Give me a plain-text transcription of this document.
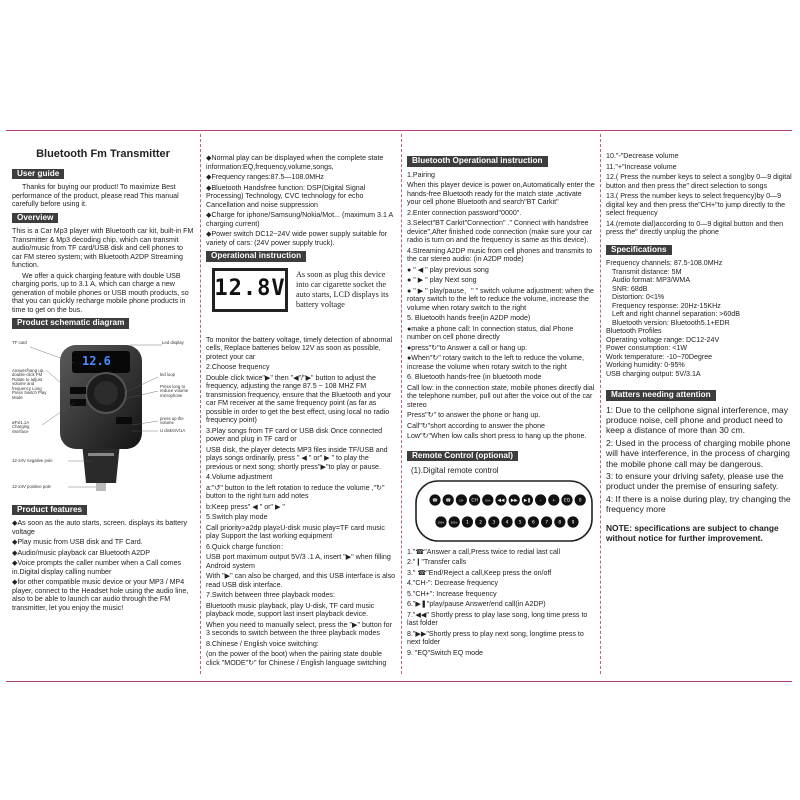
Bluetooth Fm Transmitter
User guide

Thanks for buying our product! To maximize Best performance of the product, please read This manual carefully before using it.

Overview

This is a Car Mp3 player with Bluetooth car kit, built-in FM Transmitter & Mp3 decoding chip, which can transmit audio/music from TF card/USB disk and cell phones to car FM stereo system; with Bluetooth A2DP Streaming function.

We offer a quick charging feature with double USB charging ports, up to 3.1 A, which can charge a new generation of mobile phones or USB mouth products, so that you can quickly recharge mobile phone products in time to get on the bus.

Product schematic diagram
12.6
TF card	Led display
Answer/hang up, double-click FM Rotate to adjust volume and frequency Long Press Switch Play Mode
led loop
Press long to reduce volume microphone
øFxl1.1A Charging interface
press up the volume
U disk/SV/1A
12-24V negative pole
12-24V positive pole
Product features

◆As soon as the auto starts, screen. displays its battery voltage

◆Play music from USB disk and TF Card.

◆Audio/music playback car Bluetooth A2DP

◆Voice prompts the caller number when a Call comes in.Digital display calling number

◆for other compatible music device or your MP3 / MP4 player, connect to the Headset hole using the audio line, also to be able to launch car audio through the FM transmitter, let you enjoy the music!

◆Normal play can be displayed when the complete state information:EQ,frequency,volume,songs,

◆Frequency ranges:87.5—108.0MHz

◆Bluetooth Handsfree function: DSP(Digital Signal Processing) Technology, CVC technology for echo Cancellation and noise suppression

◆Charge for iphone/Samsung/Nokia/Mot... (maximum 3.1 A charging current)

◆Power switch DC12~24V wide power supply suitable for variety of cars: (24V power supply truck).

Operational instruction
12.8V
As soon as plug this device into car cigarette socket the auto starts, LCD displays its battery voltage

To monitor the battery voltage, timely detection of abnormal cells, Replace batteries below 12V as soon as possible, protect your car

2.Choose frequency

Double click twice"▶" then "◀"/"▶" button to adjust the frequency, adjusting the range 87.5 ~ 108 MHZ FM transmission frequency, ensure that the Bluetooth and your car FM receiver at the same frequency point (as far as possible in order to get the best effect, using local no radio frequency point)

3.Play songs from TF card or USB disk Once connected power and plug in TF card or

USB disk, the player detects MP3 files inside TF/USB and plays songs ordinarily, press " ◀ " or" ▶ " to play the previous or next song; shortly press"▶"to play or pause.

4.Volume adjustment

a:"↺" button to the left rotation to reduce the volume ,"↻" button to the right turn add notes

b:Keep press" ◀ " or" ▶ "

5.Switch play mode

Call priority>a2dp play≥U-disk music play=TF card music play Support the last working equipment

6.Quick charge function：

USB port maximum output 5V/3 .1 A, insert "▶" when filling Android system

With "▶" can also be charged, and this USB interface is also read USB disk interface.

7.Switch between three playback modes:

Bluetooth music playback, play U-disk, TF card music playback mode, support last insert playback device.

When you need to manually select, press the "▶" button for 3 seconds to switch between the three playback modes

8.Chinese / English voice switching:

(on the power of the boot) when the pairing state double click "MODE"↻" for Chinese / English language switching

Bluetooth Operational instruction

1.Pairing

When this player device is power on,Automatically enter the hands-free Bluetooth ready for the match state ,activate your cell phone Bluetooth and search"BT Carkit"

2.Enter connection password"0000".

3.Select"BT Carkit"Connection" ." Connect with handsfree device",After finished code connection (make sure your car radio is turn on and the frequency is same as this device).

4.Streaming A2DP music from cell phones and transmits to the car stereo audio: (in A2DP mode)

● " ◀ " play previous song

● " ▶ " play Next song

● " ▶ " play/pause，" " switch volume adjustment: when the rotary switch to the left to reduce the volume, increase the volume when rotary switch to the right

5. Bluetooth hands free(in A2DP mode)

●make a phone call: In connection status, dial Phone number on cell phone directly

●press"↻"to Answer a call or hang up.

●When"↻" rotary switch to the left to reduce the volume, increase the volume when rotary switch to the right

6. Bluetooth hands-free (in bluetooth mode

Call low: in the connection state, mobile phones directly dial the telephone number, pull out after the voice out of the car stereo

Press"↻" to answer the phone or hang up.

Call"↻"short according to answer the phone

Low"↻"When low calls short press to hang up the phone.

Remote Control (optional)
(1).Digital remote control
☎ ☎	CH- CH	CH+ ◀◀ ▶▶ ▶❚ - + EQ 0
100+ 200+ 1 2 3 4 5 6 7 8 9

1."☎"Answer a call,Press twice to redial last call

2."❙"Transfer calls

3." ☎"End/Reject a call,Keep press the on/off

4."CH-": Decrease frequency

5."CH+": Increase frequency

6."▶❚"play/pause Answer/end call(in A2DP)

7."◀◀" Shortly press to play lase song, long time press to last folder

8."▶▶"Shortly press to play next song, longtime press to next folder

9. "EQ"Switch EQ mode

10."-"Decrease volume

11."+"Increase volume

12.( Press the number keys to select a song)by 0—9 digital button and then press the" direct selection to songs

13.( Press the number keys to select frequency)by 0—9 digital key and then press the"CH+"to jump directly to the select frequency

14.(remote dial)according to 0—9 digital button and then press the" directly unplug the phone

Specifications

Frequency channels: 87.5-108.0MHz

Transmit distance: 5M

Audio format: MP3/WMA

SNR: 68dB

Distortion: 0<1%

Frequency response: 20Hz-15KHz

Left and right channel separation: >60dB

Bluetooth version: Bluetooth5.1+EDR

Bluetooth Profiles

Operating voltage range: DC12-24V

Power consumption: <1W

Work temperature: -10~70Degree

Working humidity: 0-95%

USB charging output: 5V/3.1A

Matters needing attention

1: Due to the cellphone signal interference, may produce noise, cell phone and product need to keep a distance of more than 30 cm.

2: Used in the process of charging mobile phone will have interference, in the process of charging the mobile phone call may be dangerous.

3: to ensure your driving safety, please use the product under the premise of ensuring safety.

4: If there is a noise during play, try changing the frequency more

NOTE: specifications are subject to change without notice for further improvement.
